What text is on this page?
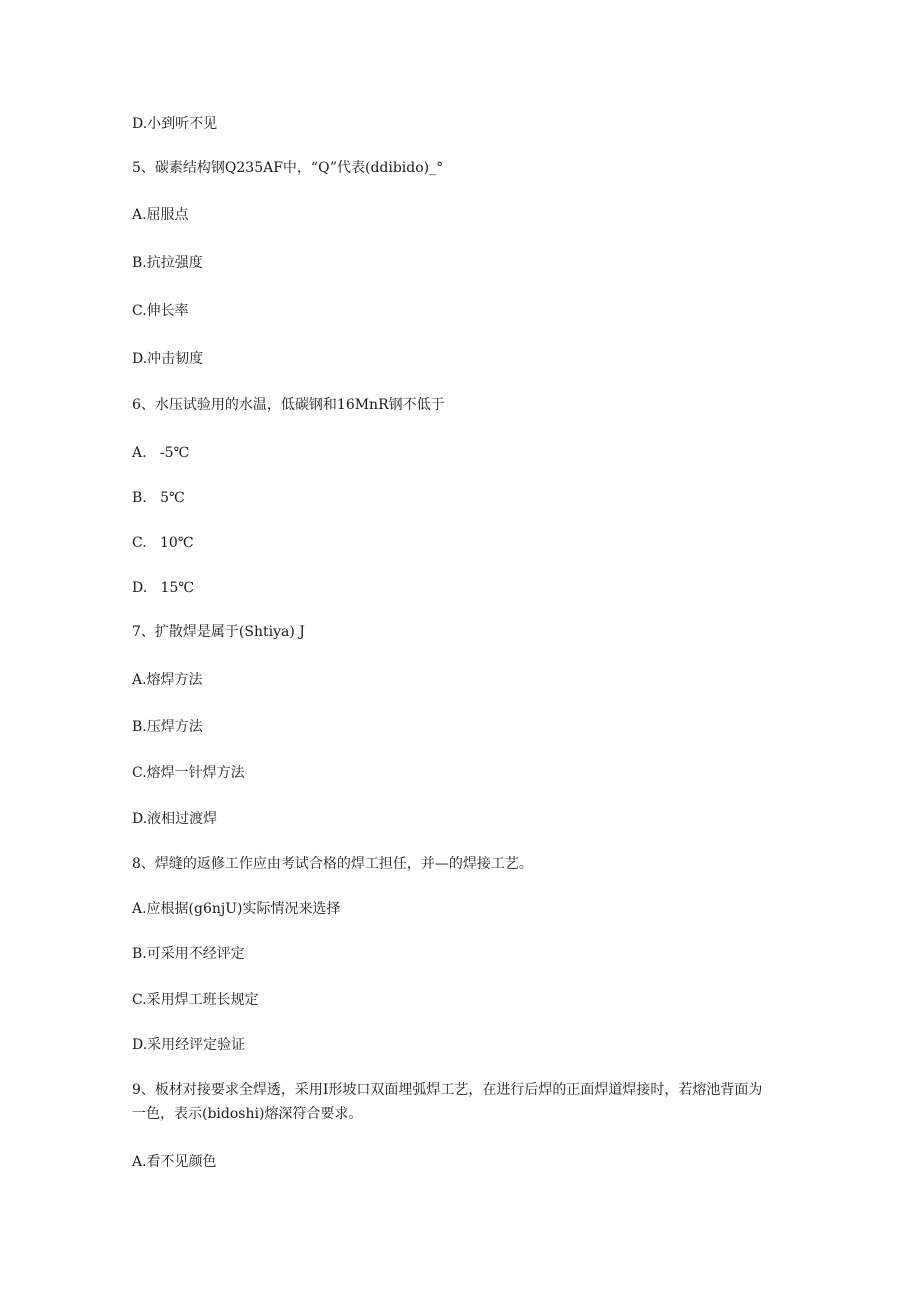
D.小到听不见
5、碳素结构钢Q235AF中，“Q”代表(ddibido)_°
A.屈服点
B.抗拉强度
C.伸长率
D.冲击韧度
6、水压试验用的水温，低碳钢和16MnR钢不低于
A.   -5℃
B.   5℃
C.   10℃
D.   15℃
7、扩散焊是属于(Shtiya) J
A.熔焊方法
B.压焊方法
C.熔焊一针焊方法
D.液相过渡焊
8、焊缝的返修工作应由考试合格的焊工担任，并—的焊接工艺。
A.应根据(g6njU)实际情况来选择
B.可采用不经评定
C.采用焊工班长规定
D.采用经评定验证
9、板材对接要求全焊透，采用I形坡口双面埋弧焊工艺，在进行后焊的正面焊道焊接时，若熔池背面为一色，表示(bidoshi)熔深符合要求。
A.看不见颜色
